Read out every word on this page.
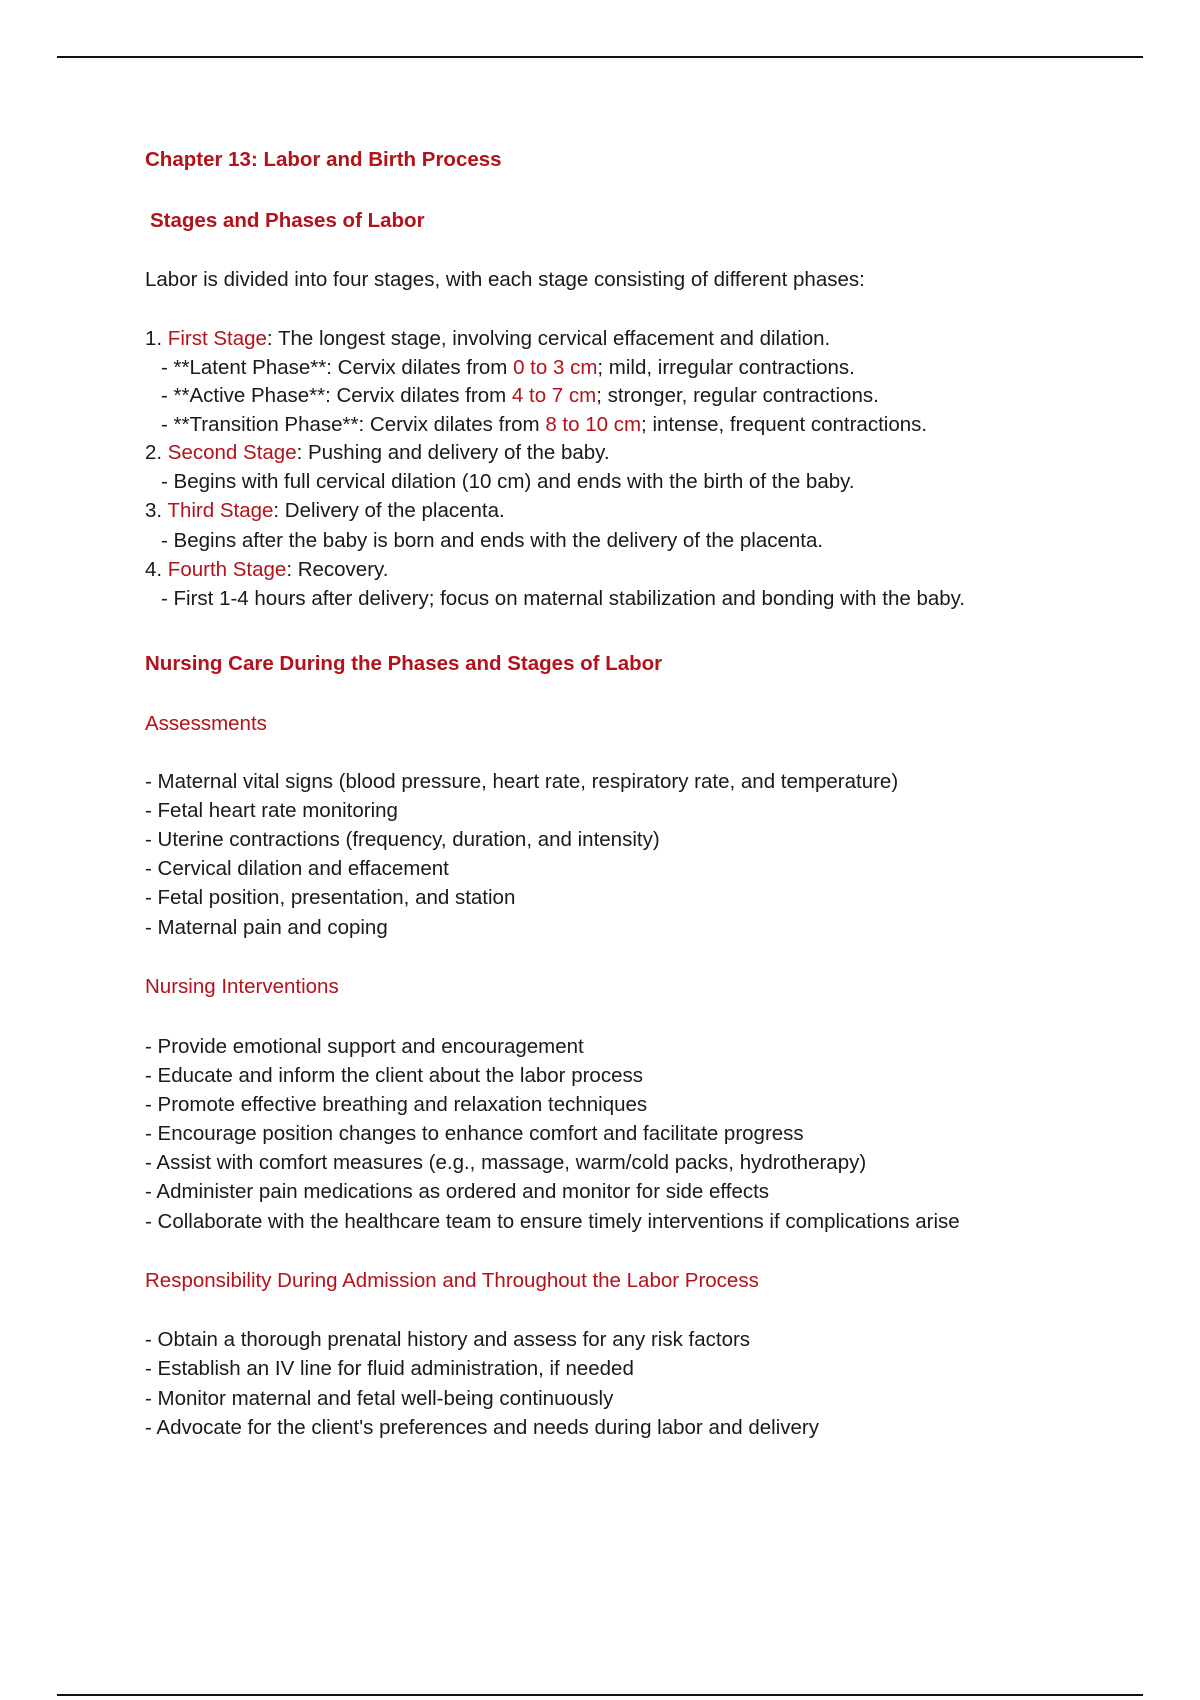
Chapter 13: Labor and Birth Process
Stages and Phases of Labor
Labor is divided into four stages, with each stage consisting of different phases:
1. First Stage: The longest stage, involving cervical effacement and dilation.
- **Latent Phase**: Cervix dilates from 0 to 3 cm; mild, irregular contractions.
- **Active Phase**: Cervix dilates from 4 to 7 cm; stronger, regular contractions.
- **Transition Phase**: Cervix dilates from 8 to 10 cm; intense, frequent contractions.
2. Second Stage: Pushing and delivery of the baby.
- Begins with full cervical dilation (10 cm) and ends with the birth of the baby.
3. Third Stage: Delivery of the placenta.
- Begins after the baby is born and ends with the delivery of the placenta.
4. Fourth Stage: Recovery.
- First 1-4 hours after delivery; focus on maternal stabilization and bonding with the baby.
Nursing Care During the Phases and Stages of Labor
Assessments
- Maternal vital signs (blood pressure, heart rate, respiratory rate, and temperature)
- Fetal heart rate monitoring
- Uterine contractions (frequency, duration, and intensity)
- Cervical dilation and effacement
- Fetal position, presentation, and station
- Maternal pain and coping
Nursing Interventions
- Provide emotional support and encouragement
- Educate and inform the client about the labor process
- Promote effective breathing and relaxation techniques
- Encourage position changes to enhance comfort and facilitate progress
- Assist with comfort measures (e.g., massage, warm/cold packs, hydrotherapy)
- Administer pain medications as ordered and monitor for side effects
- Collaborate with the healthcare team to ensure timely interventions if complications arise
Responsibility During Admission and Throughout the Labor Process
- Obtain a thorough prenatal history and assess for any risk factors
- Establish an IV line for fluid administration, if needed
- Monitor maternal and fetal well-being continuously
- Advocate for the client's preferences and needs during labor and delivery
